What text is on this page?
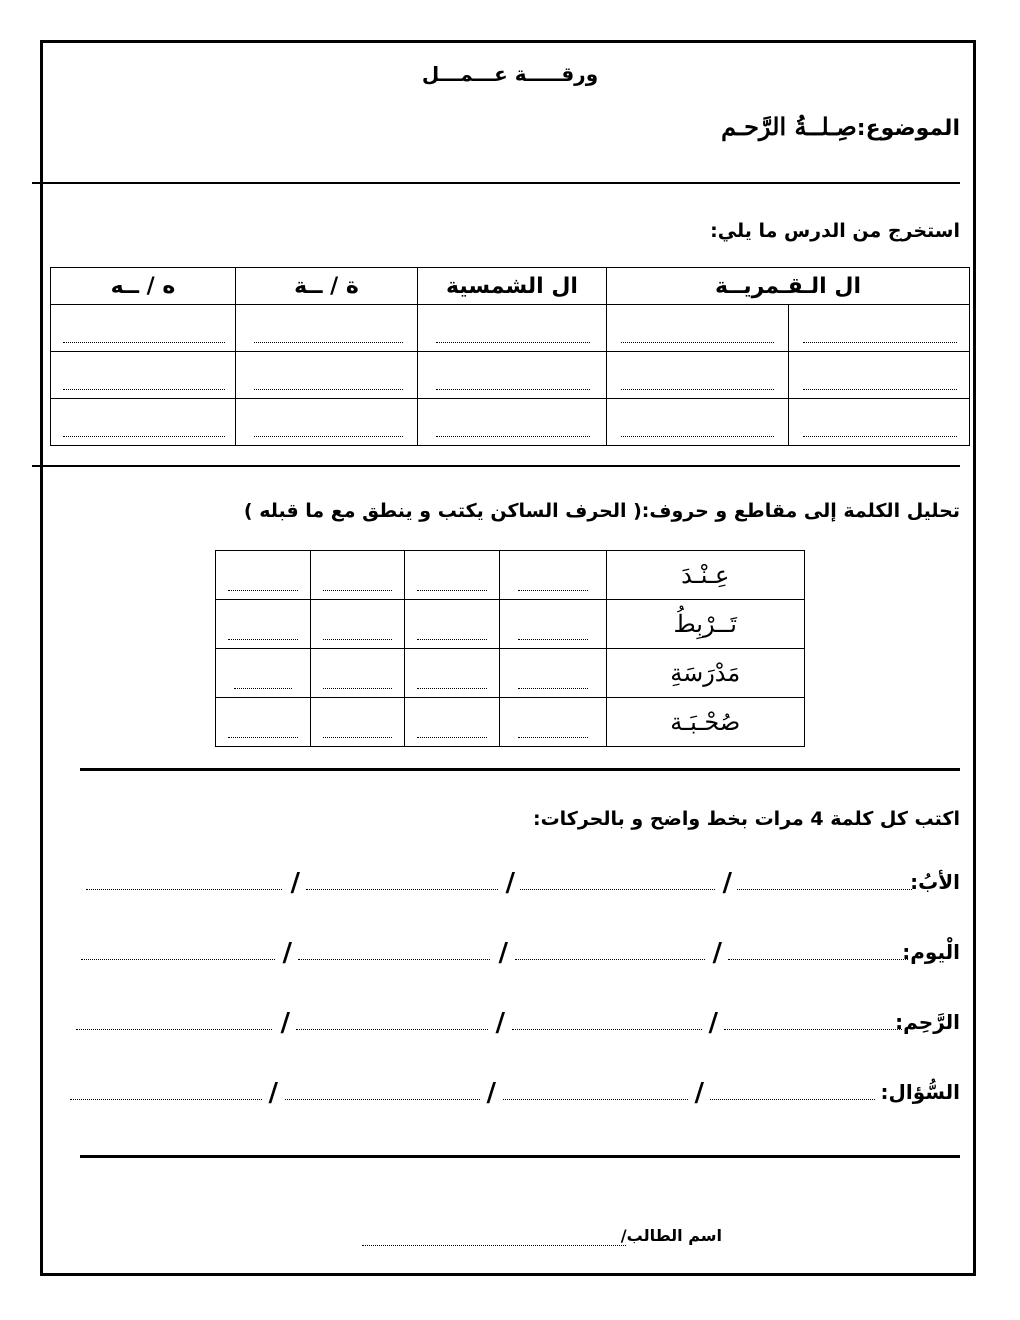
ورقـــــة عـــمـــل
الموضوع:صِـلــةُ الرَّحـم
استخرج من الدرس ما يلي:
ال الـقـمريــة		ال الشمسية	ة / ــة	ه / ــه

تحليل الكلمة إلى مقاطع و حروف:( الحرف الساكن يكتب و ينطق مع ما قبله )
عِـنْـدَ	

تَــرْبِطُ	

مَدْرَسَةِ	

صُحْـبَـة	

اكتب كل كلمة 4 مرات بخط واضح و بالحركات:
الأبُ:
/
/
/
الْيوم:
/
/
/
الرَّحِم:
/
/
/
السُّؤال:
/
/
/
اسم الطالب/
